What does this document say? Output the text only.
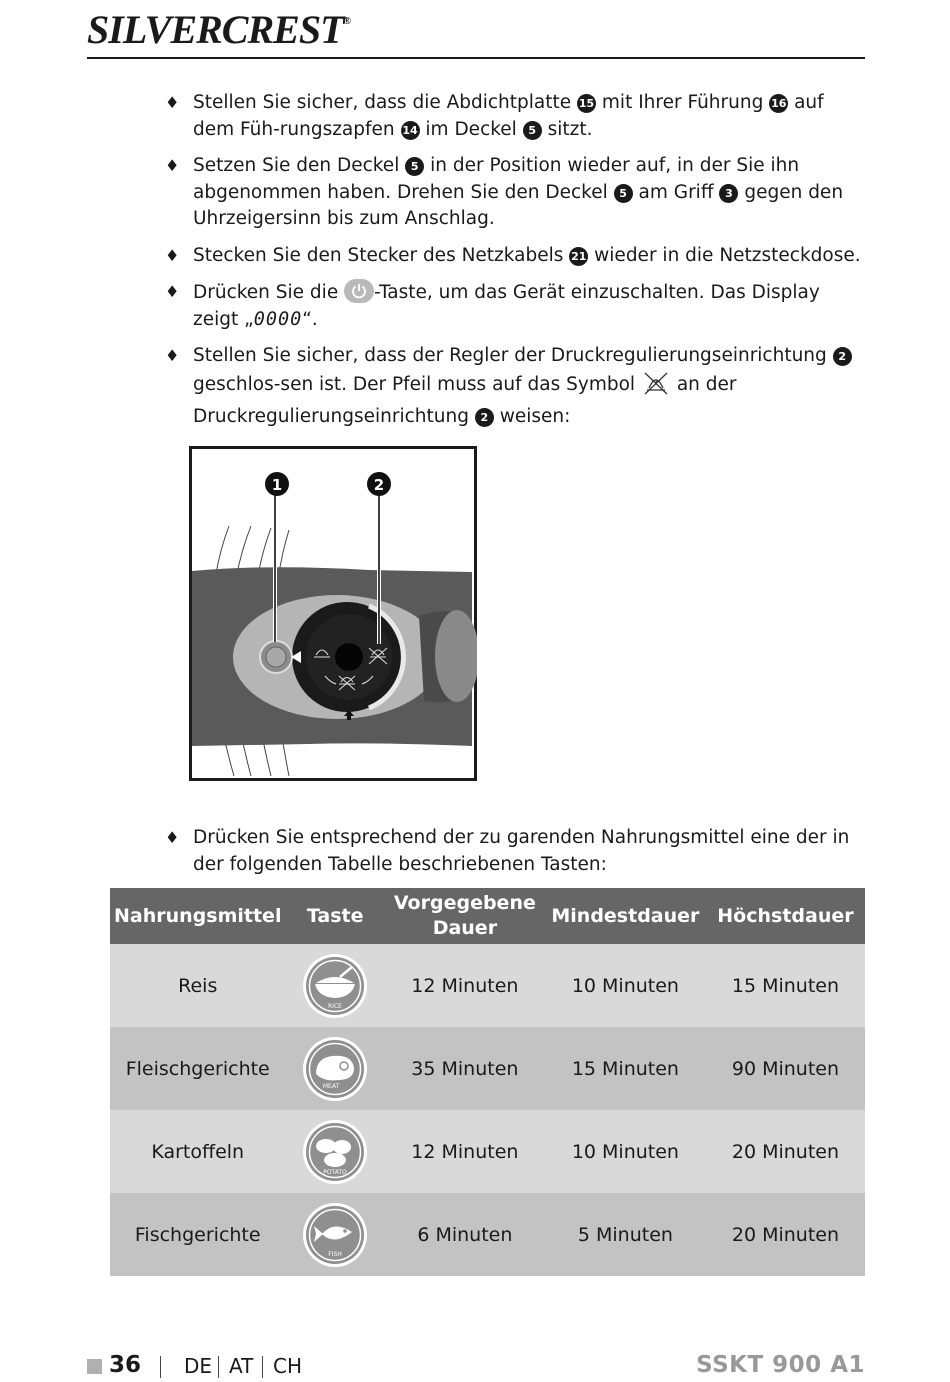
SILVERCREST®
♦ Stellen Sie sicher, dass die Abdichtplatte 15 mit Ihrer Führung 16 auf dem Füh-rungszapfen 14 im Deckel 5 sitzt.
♦ Setzen Sie den Deckel 5 in der Position wieder auf, in der Sie ihn abgenommen haben. Drehen Sie den Deckel 5 am Griff 3 gegen den Uhrzeigersinn bis zum Anschlag.
♦ Stecken Sie den Stecker des Netzkabels 21 wieder in die Netzsteckdose.
♦ Drücken Sie die
-Taste, um das Gerät einzuschalten. Das Display zeigt „0000“.
♦ Stellen Sie sicher, dass der Regler der Druckregulierungseinrichtung 2 geschlos-sen ist. Der Pfeil muss auf das Symbol  an der Druckregulierungseinrichtung 2 weisen:
1	2
♦ Drücken Sie entsprechend der zu garenden Nahrungsmittel eine der in der folgenden Tabelle beschriebenen Tasten:
Nahrungsmittel	Taste	Vorgegebene Dauer	Mindestdauer	Höchstdauer
Reis	RICE	12 Minuten	10 Minuten	15 Minuten
Fleischgerichte	MEAT	35 Minuten	15 Minuten	90 Minuten
Kartoffeln	POTATO	12 Minuten	10 Minuten	20 Minuten
Fischgerichte	FISH	6 Minuten	5 Minuten	20 Minuten
36 DE AT CH	SSKT 900 A1
